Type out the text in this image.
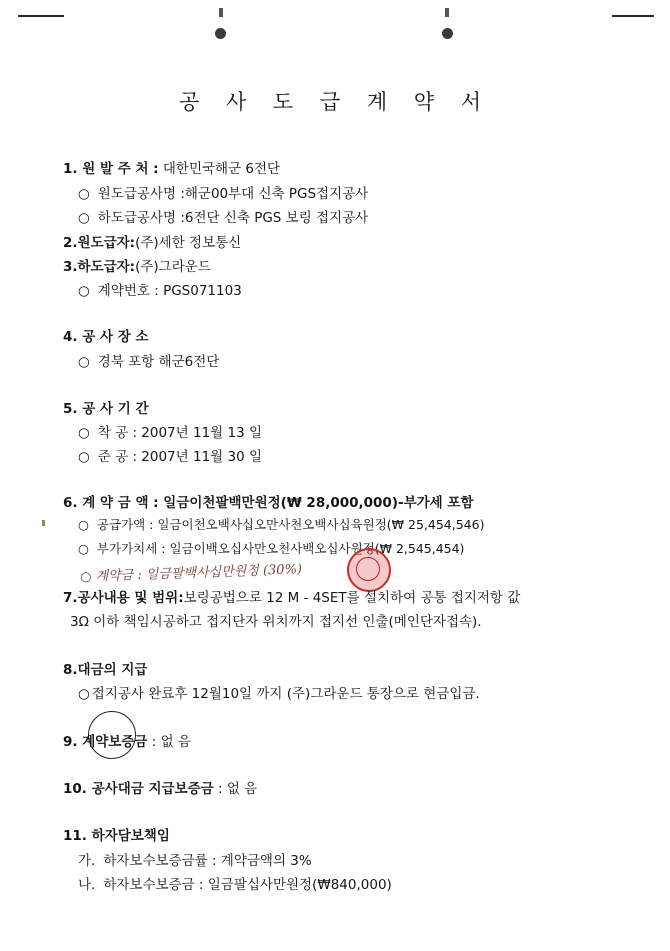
공 사 도 급 계 약 서
1. 원 발 주 처 : 대한민국해군 6전단
○ 원도급공사명 :해군00부대 신축 PGS접지공사
○ 하도급공사명 :6전단 신축 PGS 보링 접지공사
2.원도급자:(주)세한 정보통신
3.하도급자:(주)그라운드
○ 계약번호 : PGS071103
4. 공 사 장 소
○ 경북 포항 해군6전단
5. 공 사 기 간
○ 착 공 : 2007년 11월 13 일
○ 준 공 : 2007년 11월 30 일
6. 계 약 금 액 : 일금이천팔백만원정(₩ 28,000,000)-부가세 포함
○ 공급가액 : 일금이천오백사십오만사천오백사십육원정(₩ 25,454,546)
○ 부가가치세 : 일금이백오십사만오천사백오십사원정(₩ 2,545,454)
○ 계약금 : 일금팔백사십만원정 (30%)
7.공사내용 및 범위:보링공법으로 12 M - 4SET를 설치하여 공통 접지저항 값
3Ω 이하 책임시공하고 접지단자 위치까지 접지선 인출(메인단자접속).
8.대금의 지급
○ 접지공사 완료후 12월10일 까지 (주)그라운드 통장으로 현금입금.
9. 계약보증금 : 없 음
10. 공사대금 지급보증금 : 없 음
11. 하자담보책임
가. 하자보수보증금률 : 계약금액의 3%
나. 하자보수보증금 : 일금팔십사만원정(₩840,000)
